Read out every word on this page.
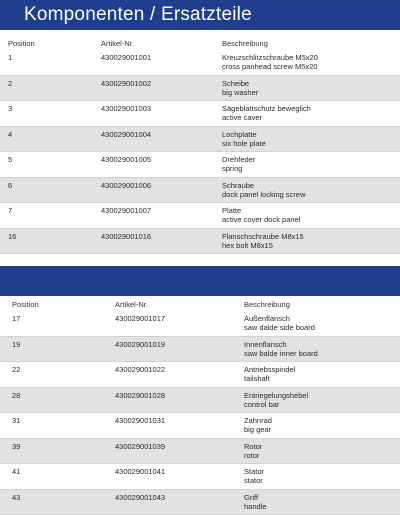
Komponenten / Ersatzteile
Position	Artikel-Nr.	Beschreibung
1	430029001001	Kreuzschlitzschraube M5x20
cross panhead screw M5x20
2	430029001002	Scheibe
big washer
3	430029001003	Sägeblattschutz beweglich
active caver
4	430029001004	Lochplatte
six hole plate
5	430029001005	Drehfeder
spring
6	430029001006	Schraube
dock panel locking screw
7	430029001007	Platte
active cover dock panel
16	430029001016	Flanschschraube M8x15
hex bolt M8x15
Position	Artikel-Nr.	Beschreibung
17	430029001017	Außenflansch
saw dalde side board
19	430029001019	Innenflansch
saw balde inner board
22	430029001022	Antriebsspindel
tailshaft
28	430029001028	Entriegelungshebel
control bar
31	430029001031	Zahnrad
big gear
39	430029001039	Rotor
rotor
41	430029001041	Stator
stator
43	430029001043	Griff
handle
